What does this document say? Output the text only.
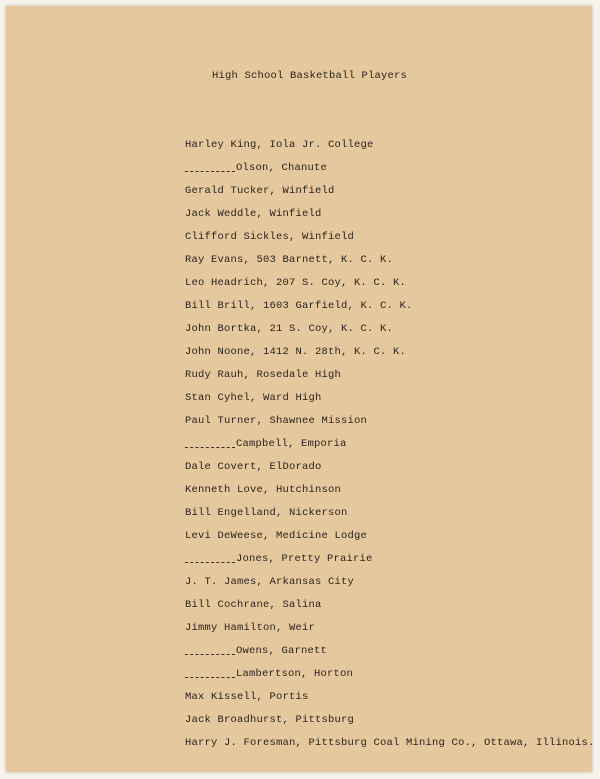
High School Basketball Players
Harley King, Iola Jr. College
Olson, Chanute
Gerald Tucker, Winfield
Jack Weddle, Winfield
Clifford Sickles, Winfield
Ray Evans, 503 Barnett, K. C. K.
Leo Headrich, 207 S. Coy, K. C. K.
Bill Brill, 1603 Garfield, K. C. K.
John Bortka, 21 S. Coy, K. C. K.
John Noone, 1412 N. 28th, K. C. K.
Rudy Rauh, Rosedale High
Stan Cyhel, Ward High
Paul Turner, Shawnee Mission
Campbell, Emporia
Dale Covert, ElDorado
Kenneth Love, Hutchinson
Bill Engelland, Nickerson
Levi DeWeese, Medicine Lodge
Jones, Pretty Prairie
J. T. James, Arkansas City
Bill Cochrane, Salina
Jimmy Hamilton, Weir
Owens, Garnett
Lambertson, Horton
Max Kissell, Portis
Jack Broadhurst, Pittsburg
Harry J. Foresman, Pittsburg Coal Mining Co., Ottawa, Illinois.
